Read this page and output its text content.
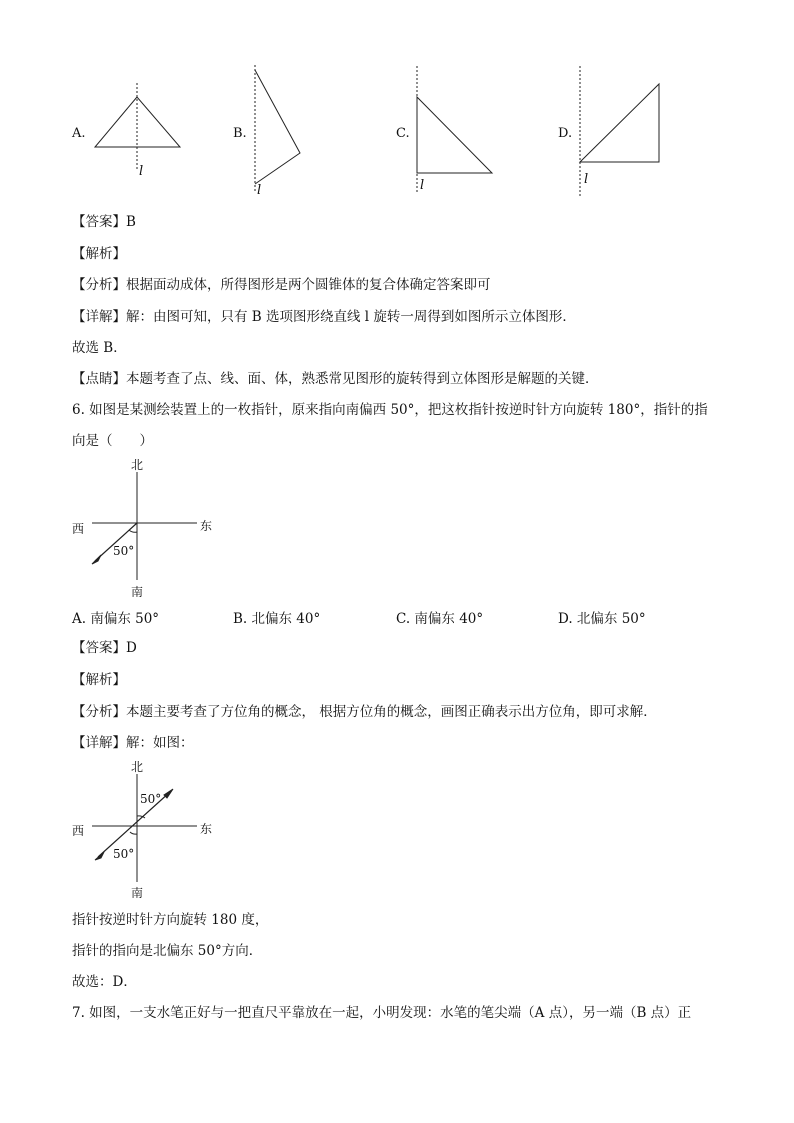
A.
l
B.
l
C.
l
D.
l
【答案】B
【解析】
【分析】根据面动成体，所得图形是两个圆锥体的复合体确定答案即可
【详解】解：由图可知，只有 B 选项图形绕直线 l 旋转一周得到如图所示立体图形．
故选 B．
【点睛】本题考查了点、线、面、体，熟悉常见图形的旋转得到立体图形是解题的关键．
6. 如图是某测绘装置上的一枚指针，原来指向南偏西 50°，把这枚指针按逆时针方向旋转 180°，指针的指
向是（　　）
北
南
东
西
50°
A. 南偏东 50°	B. 北偏东 40°	C. 南偏东 40°	D. 北偏东 50°
【答案】D
【解析】
【分析】本题主要考查了方位角的概念， 根据方位角的概念，画图正确表示出方位角，即可求解．
【详解】解：如图：
北
南
东
西
50°
50°
指针按逆时针方向旋转 180 度，
指针的指向是北偏东 50°方向．
故选：D．
7. 如图，一支水笔正好与一把直尺平靠放在一起，小明发现：水笔的笔尖端（A 点），另一端（B 点）正
